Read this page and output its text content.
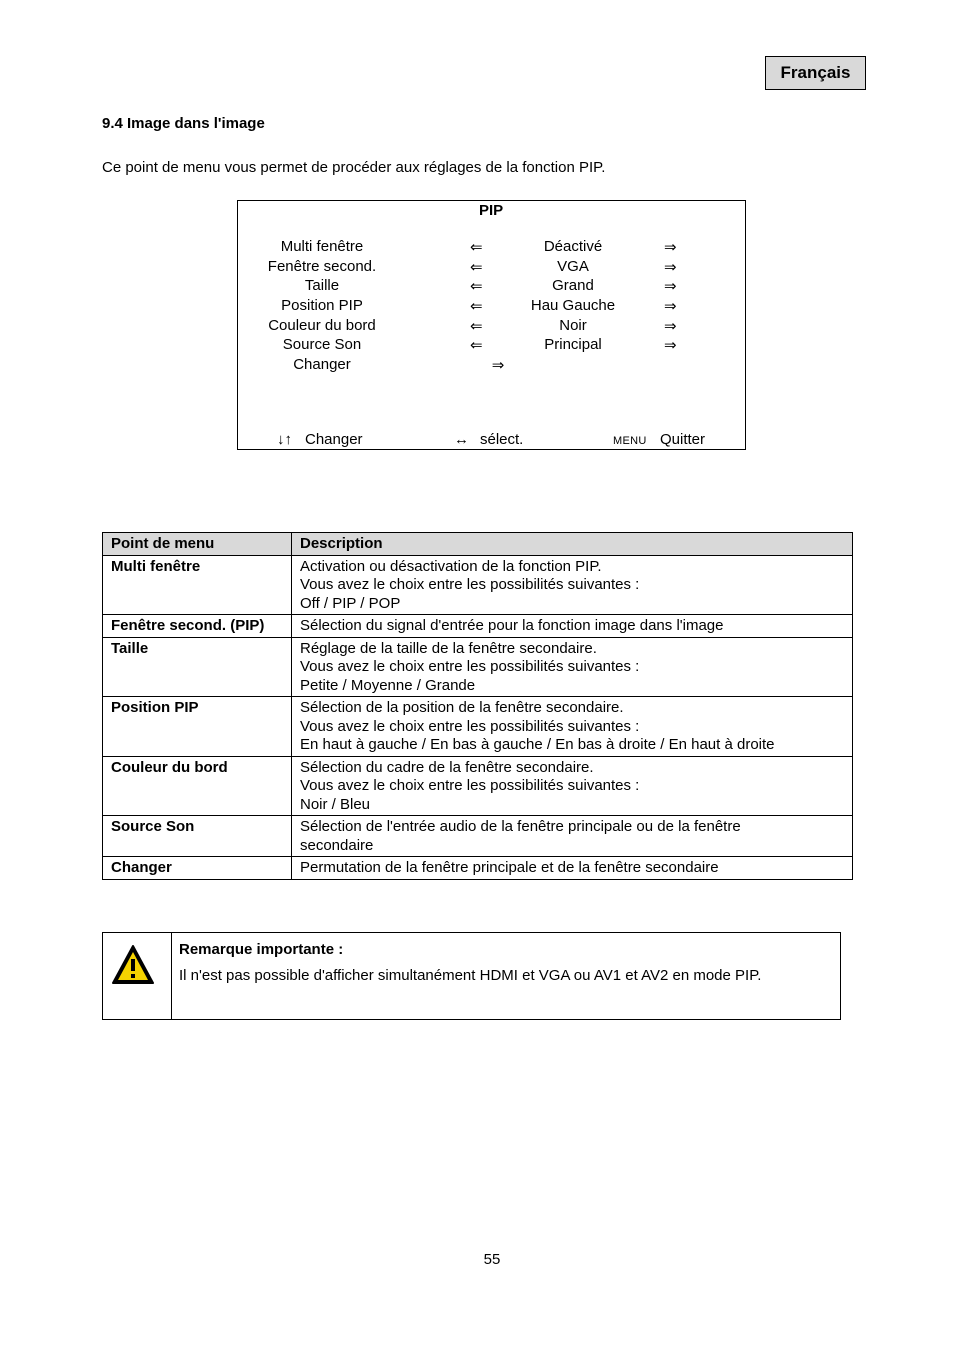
Français
9.4 Image dans l'image
Ce point de menu vous permet de procéder aux réglages de la fonction PIP.
PIP
Multi fenêtre	⇐	Déactivé	⇒
Fenêtre second.	⇐	VGA	⇒
Taille	⇐	Grand	⇒
Position PIP	⇐	Hau Gauche	⇒
Couleur du bord	⇐	Noir	⇒
Source Son	⇐	Principal	⇒
Changer	⇒
↓↑ Changer	↔ sélect.	MENU Quitter
Point de menu	Description
Multi fenêtre	Activation ou désactivation de la fonction PIP.
Vous avez le choix entre les possibilités suivantes :
Off / PIP / POP

Fenêtre second. (PIP)	Sélection du signal d'entrée pour la fonction image dans l'image

Taille	Réglage de la taille de la fenêtre secondaire.
Vous avez le choix entre les possibilités suivantes :
Petite / Moyenne / Grande

Position PIP	Sélection de la position de la fenêtre secondaire.
Vous avez le choix entre les possibilités suivantes :
En haut à gauche / En bas à gauche / En bas à droite / En haut à droite

Couleur du bord	Sélection du cadre de la fenêtre secondaire.
Vous avez le choix entre les possibilités suivantes :
Noir / Bleu

Source Son	Sélection de l'entrée audio de la fenêtre principale ou de la fenêtre
secondaire

Changer	Permutation de la fenêtre principale et de la fenêtre secondaire
Remarque importante :
Il n'est pas possible d'afficher simultanément HDMI et VGA ou AV1 et AV2 en mode PIP.
55
